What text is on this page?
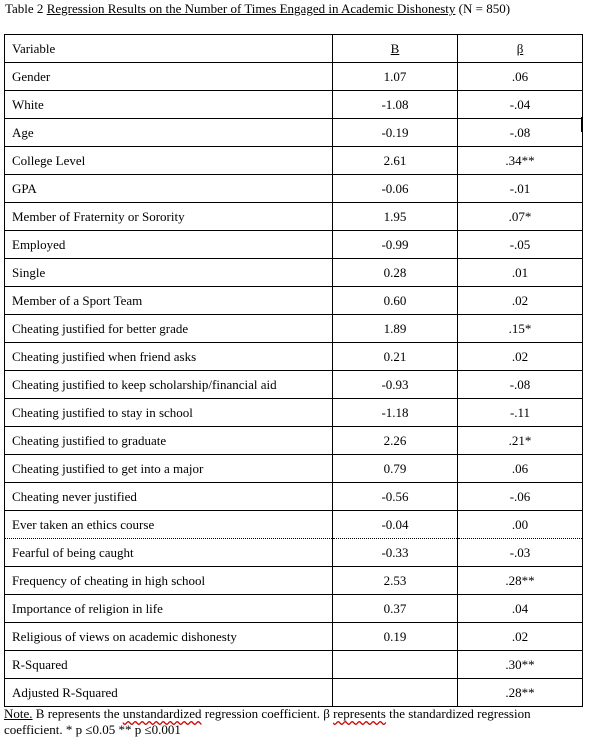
Table 2 Regression Results on the Number of Times Engaged in Academic Dishonesty (N = 850)
Variable	B	β
Gender	1.07	.06
White	-1.08	-.04
Age	-0.19	-.08
College Level	2.61	.34**
GPA	-0.06	-.01
Member of Fraternity or Sorority	1.95	.07*
Employed	-0.99	-.05
Single	0.28	.01
Member of a Sport Team	0.60	.02
Cheating justified for better grade	1.89	.15*
Cheating justified when friend asks	0.21	.02
Cheating justified to keep scholarship/financial aid	-0.93	-.08
Cheating justified to stay in school	-1.18	-.11
Cheating justified to graduate	2.26	.21*
Cheating justified to get into a major	0.79	.06
Cheating never justified	-0.56	-.06
Ever taken an ethics course	-0.04	.00
Fearful of being caught	-0.33	-.03
Frequency of cheating in high school	2.53	.28**
Importance of religion in life	0.37	.04
Religious of views on academic dishonesty	0.19	.02
R-Squared		.30**
Adjusted R-Squared		.28**
Note. B represents the unstandardized regression coefficient. β represents the standardized regression coefficient. * p ≤0.05 ** p ≤0.001
